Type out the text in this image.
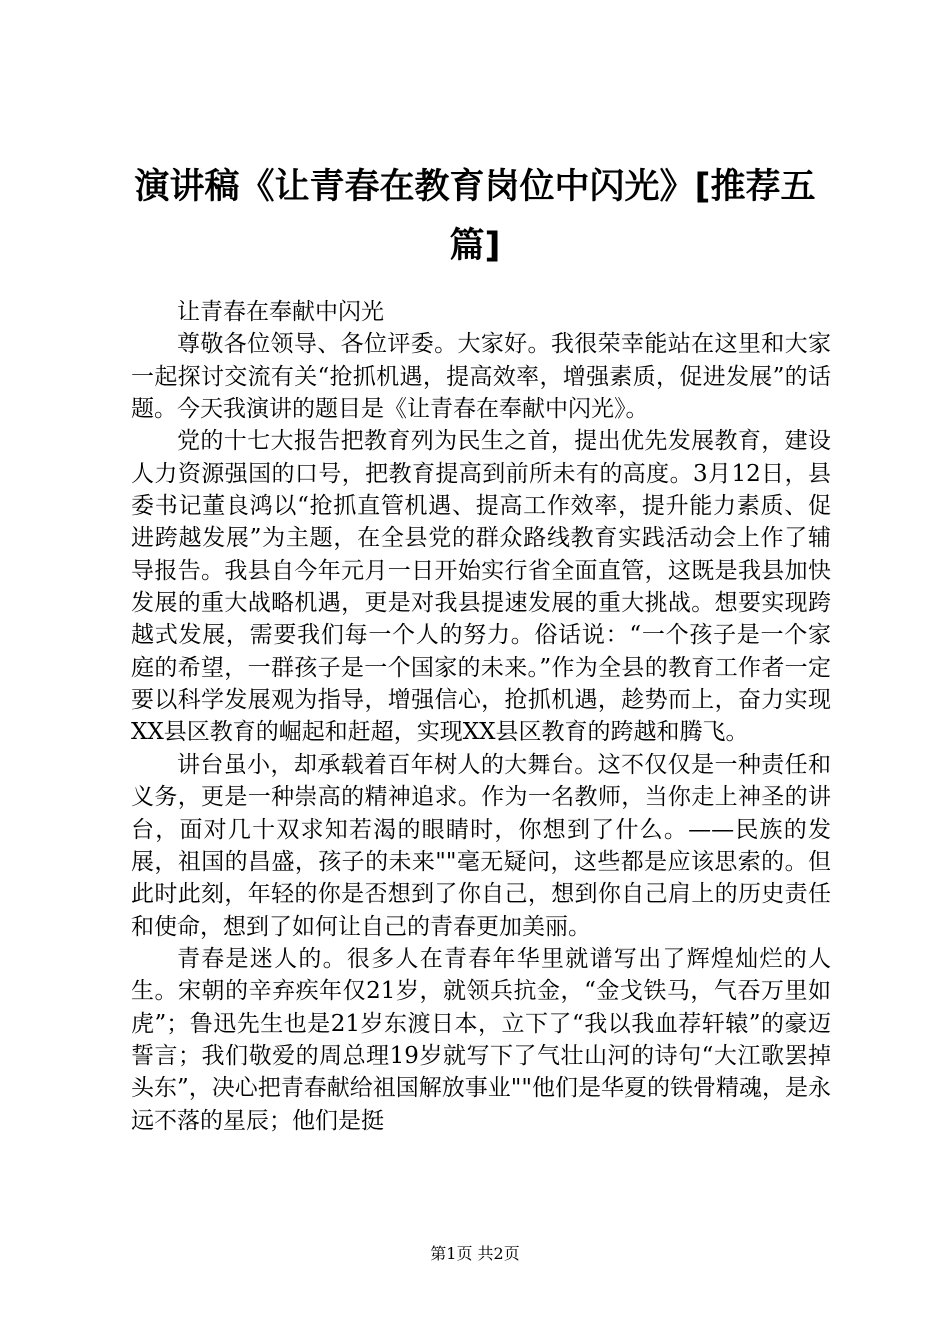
演讲稿《让青春在教育岗位中闪光》[推荐五篇]

让青春在奉献中闪光

尊敬各位领导、各位评委。大家好。我很荣幸能站在这里和大家一起探讨交流有关“抢抓机遇，提高效率，增强素质，促进发展”的话题。今天我演讲的题目是《让青春在奉献中闪光》。

党的十七大报告把教育列为民生之首，提出优先发展教育，建设人力资源强国的口号，把教育提高到前所未有的高度。3月12日，县委书记董良鸿以“抢抓直管机遇、提高工作效率，提升能力素质、促进跨越发展”为主题，在全县党的群众路线教育实践活动会上作了辅导报告。我县自今年元月一日开始实行省全面直管，这既是我县加快发展的重大战略机遇，更是对我县提速发展的重大挑战。想要实现跨越式发展，需要我们每一个人的努力。俗话说：“一个孩子是一个家庭的希望，一群孩子是一个国家的未来。”作为全县的教育工作者一定要以科学发展观为指导，增强信心，抢抓机遇，趁势而上，奋力实现XX县区教育的崛起和赶超，实现XX县区教育的跨越和腾飞。

讲台虽小，却承载着百年树人的大舞台。这不仅仅是一种责任和义务，更是一种崇高的精神追求。作为一名教师，当你走上神圣的讲台，面对几十双求知若渴的眼睛时，你想到了什么。——民族的发展，祖国的昌盛，孩子的未来""毫无疑问，这些都是应该思索的。但此时此刻，年轻的你是否想到了你自己，想到你自己肩上的历史责任和使命，想到了如何让自己的青春更加美丽。

青春是迷人的。很多人在青春年华里就谱写出了辉煌灿烂的人生。宋朝的辛弃疾年仅21岁，就领兵抗金，“金戈铁马，气吞万里如虎”；鲁迅先生也是21岁东渡日本，立下了“我以我血荐轩辕”的豪迈誓言；我们敬爱的周总理19岁就写下了气壮山河的诗句“大江歌罢掉头东”，决心把青春献给祖国解放事业""他们是华夏的铁骨精魂，是永远不落的星辰；他们是挺

第1页 共2页
